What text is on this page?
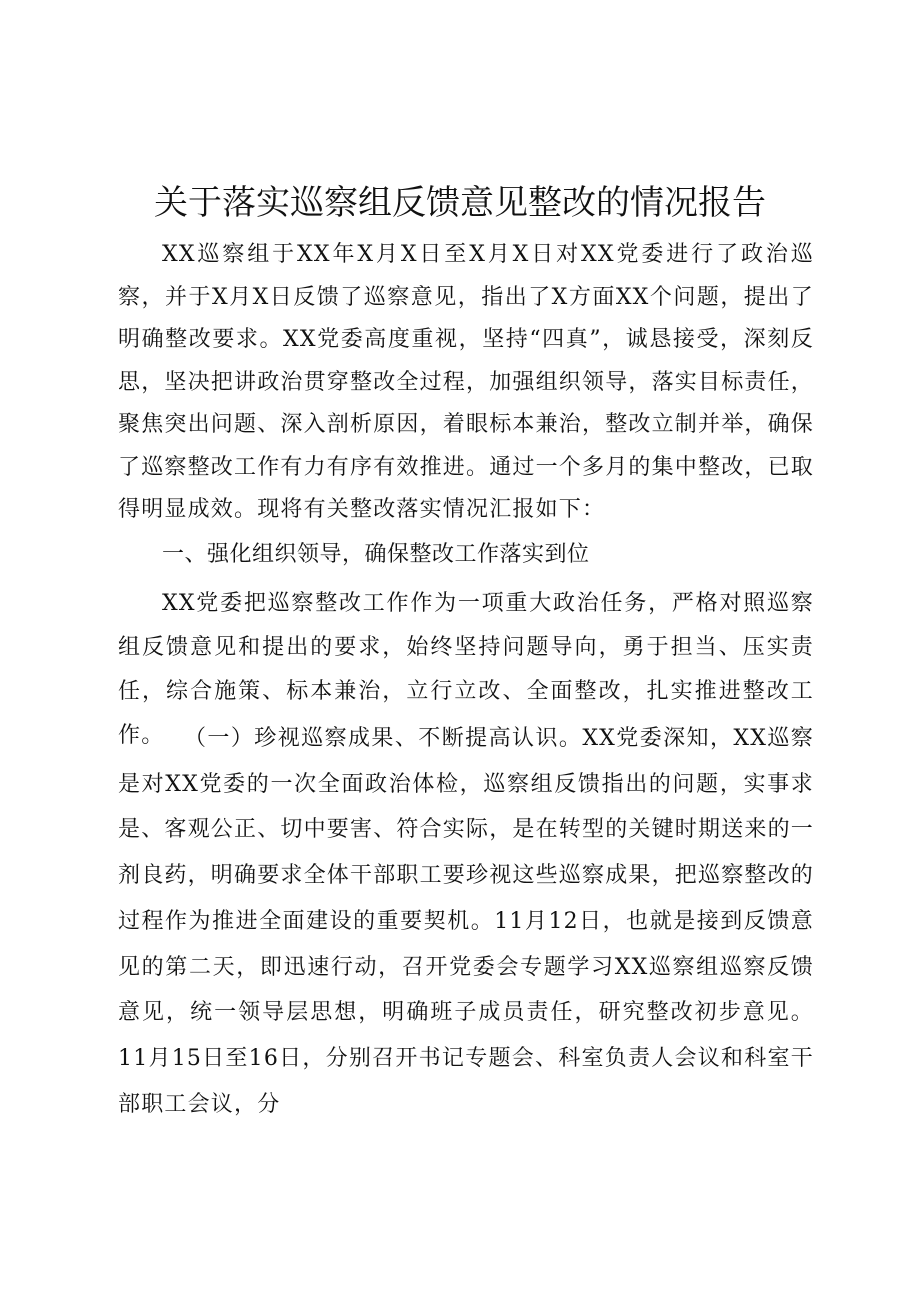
关于落实巡察组反馈意见整改的情况报告

XX巡察组于XX年X月X日至X月X日对XX党委进行了政治巡察，并于X月X日反馈了巡察意见，指出了X方面XX个问题，提出了明确整改要求。XX党委高度重视，坚持“四真”，诚恳接受，深刻反思，坚决把讲政治贯穿整改全过程，加强组织领导，落实目标责任，聚焦突出问题、深入剖析原因，着眼标本兼治，整改立制并举，确保了巡察整改工作有力有序有效推进。通过一个多月的集中整改，已取得明显成效。现将有关整改落实情况汇报如下：

一、强化组织领导，确保整改工作落实到位

XX党委把巡察整改工作作为一项重大政治任务，严格对照巡察组反馈意见和提出的要求，始终坚持问题导向，勇于担当、压实责任，综合施策、标本兼治，立行立改、全面整改，扎实推进整改工作。 （一）珍视巡察成果、不断提高认识。XX党委深知，XX巡察是对XX党委的一次全面政治体检，巡察组反馈指出的问题，实事求是、客观公正、切中要害、符合实际，是在转型的关键时期送来的一剂良药，明确要求全体干部职工要珍视这些巡察成果，把巡察整改的过程作为推进全面建设的重要契机。11月12日，也就是接到反馈意见的第二天，即迅速行动，召开党委会专题学习XX巡察组巡察反馈意见，统一领导层思想，明确班子成员责任，研究整改初步意见。11月15日至16日，分别召开书记专题会、科室负责人会议和科室干部职工会议，分
